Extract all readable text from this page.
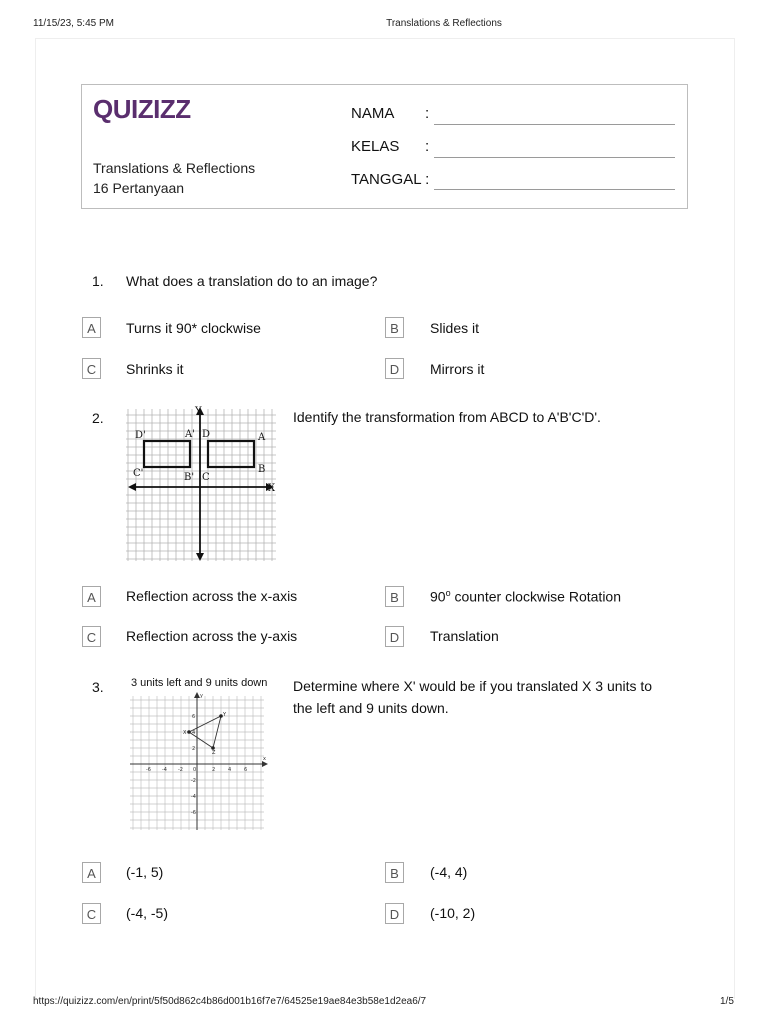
11/15/23, 5:45 PM	Translations & Reflections
QUIZIZZ
Translations & Reflections
16 Pertanyaan
NAMA :
KELAS :
TANGGAL :
1. What does a translation do to an image?
A	Turns it 90* clockwise	B	Slides it
C	Shrinks it	D	Mirrors it
2.	Identify the transformation from ABCD to A'B'C'D'.
Y
X
D'	A' D	A
C'	B' C
B
A	Reflection across the x-axis	B	90$^o$ counter clockwise Rotation
C	Reflection across the y-axis	D	Translation
3. 3 units left and 9 units down Determine where X' would be if you translated X 3 units to
the left and 9 units down.
y
x
-6 -4 -2 0	2	4	6
6
4
2
-2
-4
-6
X
Y
Z
A	(-1, 5)	B	(-4, 4)
C	(-4, -5)	D	(-10, 2)
https://quizizz.com/en/print/5f50d862c4b86d001b16f7e7/64525e19ae84e3b58e1d2ea6/7	1/5
